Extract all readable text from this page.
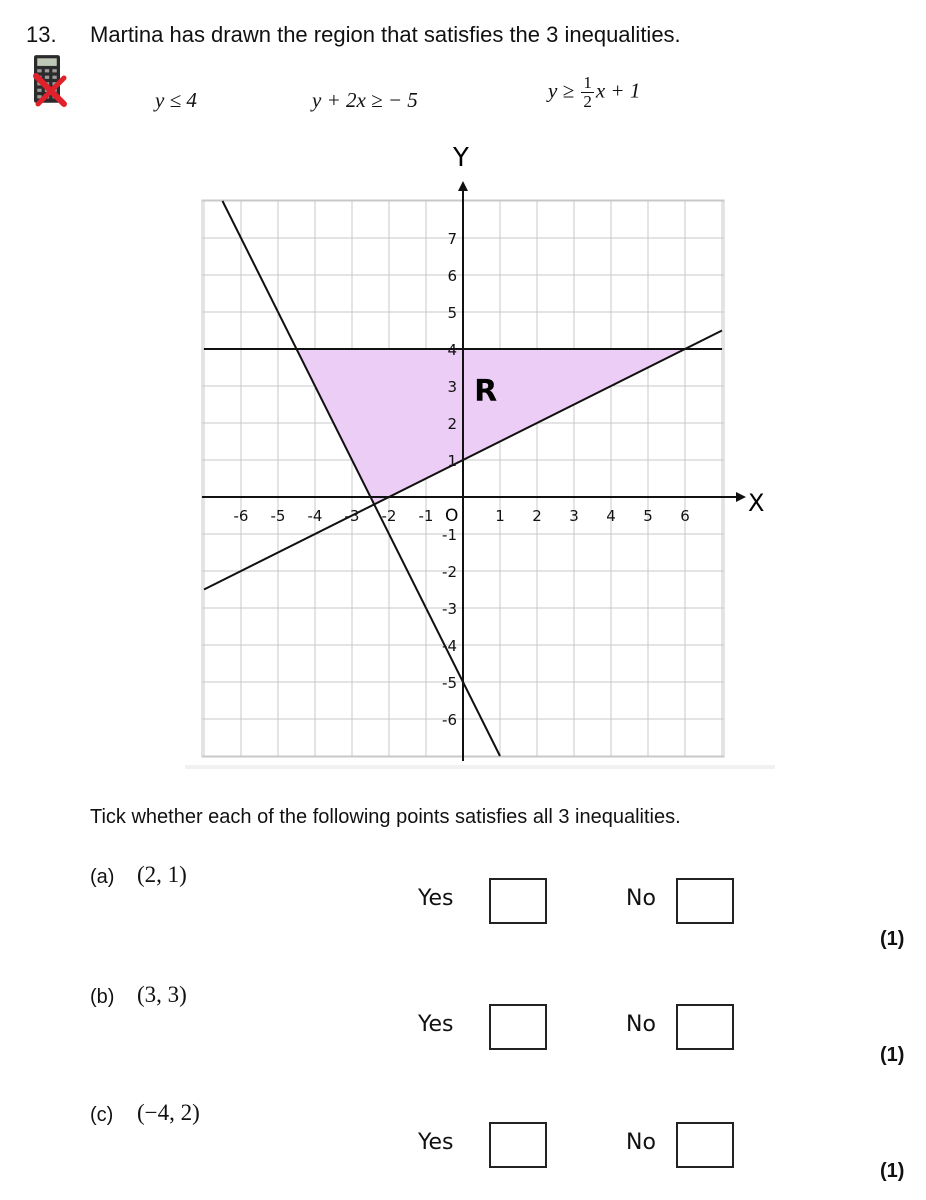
13. Martina has drawn the region that satisfies the 3 inequalities.
y ≤ 4	y + 2x ≥ − 5	$y \ge \frac{1}{2}$ x + 1
-6 -5 -4 -3 -2 -1	1 2 3 4 5 6
7
6
5
4
3
2
1
-1
-2
-3
-4
-5
-6
R
O	X
Y
Tick whether each of the following points satisfies all 3 inequalities.
(a) (2, 1)
Yes	No
(1)
(b) (3, 3)
Yes	No
(1)
(c) (−4, 2)
Yes	No
(1)
